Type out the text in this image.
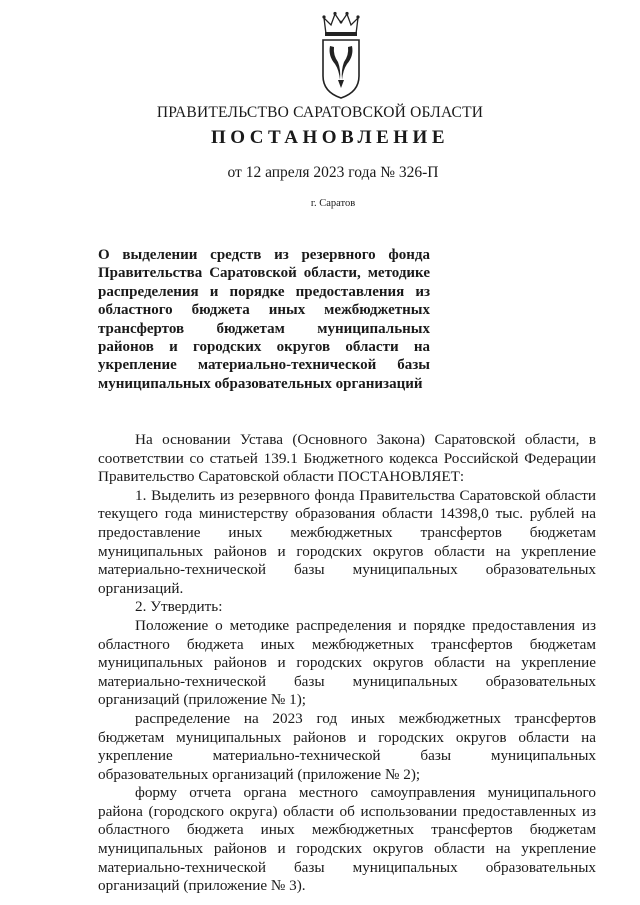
ПРАВИТЕЛЬСТВО САРАТОВСКОЙ ОБЛАСТИ
ПОСТАНОВЛЕНИЕ
от 12 апреля 2023 года № 326-П
г. Саратов
О выделении средств из резервного фонда Правительства Саратовской области, методике распределения и порядке предоставления из областного бюджета иных межбюджетных трансфертов бюджетам муниципальных районов и городских округов области на укрепление материально-технической базы муниципальных образовательных организаций

На основании Устава (Основного Закона) Саратовской области, в соответствии со статьей 139.1 Бюджетного кодекса Российской Федерации Правительство Саратовской области ПОСТАНОВЛЯЕТ:

1. Выделить из резервного фонда Правительства Саратовской области текущего года министерству образования области 14398,0 тыс. рублей на предоставление иных межбюджетных трансфертов бюджетам муниципальных районов и городских округов области на укрепление материально-технической базы муниципальных образовательных организаций.

2. Утвердить:

Положение о методике распределения и порядке предоставления из областного бюджета иных межбюджетных трансфертов бюджетам муниципальных районов и городских округов области на укрепление материально-технической базы муниципальных образовательных организаций (приложение № 1);

распределение на 2023 год иных межбюджетных трансфертов бюджетам муниципальных районов и городских округов области на укрепление материально-технической базы муниципальных образовательных организаций (приложение № 2);

форму отчета органа местного самоуправления муниципального района (городского округа) области об использовании предоставленных из областного бюджета иных межбюджетных трансфертов бюджетам муниципальных районов и городских округов области на укрепление материально-технической базы муниципальных образовательных организаций (приложение № 3).
